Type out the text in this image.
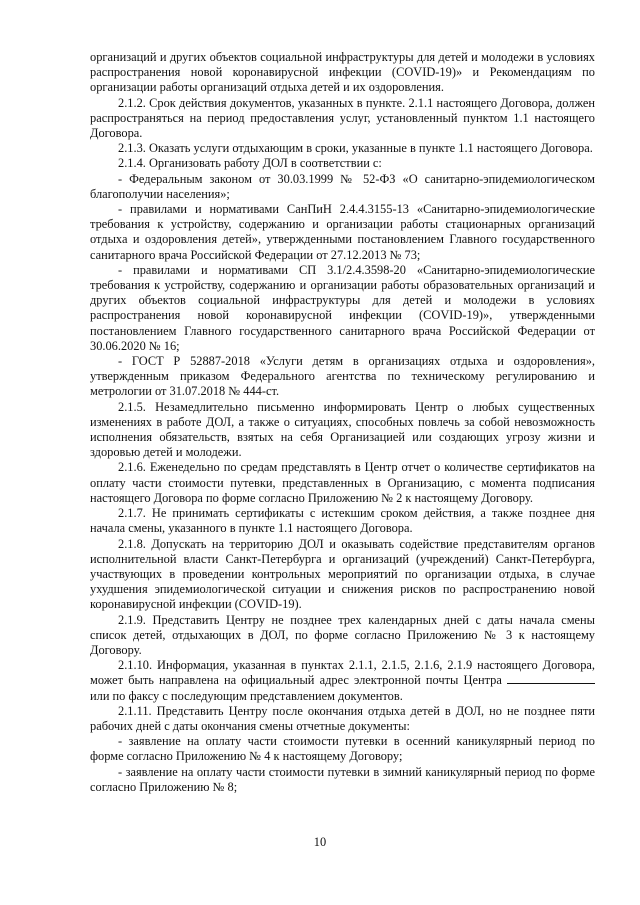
организаций и других объектов социальной инфраструктуры для детей и молодежи в условиях распространения новой коронавирусной инфекции (COVID-19)» и Рекомендациям по организации работы организаций отдыха детей и их оздоровления.

2.1.2. Срок действия документов, указанных в пункте. 2.1.1 настоящего Договора, должен распространяться на период предоставления услуг, установленный пунктом 1.1 настоящего Договора.

2.1.3. Оказать услуги отдыхающим в сроки, указанные в пункте 1.1 настоящего Договора.

2.1.4. Организовать работу ДОЛ в соответствии с:

- Федеральным законом от 30.03.1999 № 52-ФЗ «О санитарно-эпидемиологическом благополучии населения»;

- правилами и нормативами СанПиН 2.4.4.3155-13 «Санитарно-эпидемиологические требования к устройству, содержанию и организации работы стационарных организаций отдыха и оздоровления детей», утвержденными постановлением Главного государственного санитарного врача Российской Федерации от 27.12.2013 № 73;

- правилами и нормативами СП 3.1/2.4.3598-20 «Санитарно-эпидемиологические требования к устройству, содержанию и организации работы образовательных организаций и других объектов социальной инфраструктуры для детей и молодежи в условиях распространения новой коронавирусной инфекции (COVID-19)», утвержденными постановлением Главного государственного санитарного врача Российской Федерации от 30.06.2020 № 16;

- ГОСТ Р 52887-2018 «Услуги детям в организациях отдыха и оздоровления», утвержденным приказом Федерального агентства по техническому регулированию и метрологии от 31.07.2018 № 444-ст.

2.1.5. Незамедлительно письменно информировать Центр о любых существенных изменениях в работе ДОЛ, а также о ситуациях, способных повлечь за собой невозможность исполнения обязательств, взятых на себя Организацией или создающих угрозу жизни и здоровью детей и молодежи.

2.1.6. Еженедельно по средам представлять в Центр отчет о количестве сертификатов на оплату части стоимости путевки, представленных в Организацию, с момента подписания настоящего Договора по форме согласно Приложению № 2 к настоящему Договору.

2.1.7. Не принимать сертификаты с истекшим сроком действия, а также позднее дня начала смены, указанного в пункте 1.1 настоящего Договора.

2.1.8. Допускать на территорию ДОЛ и оказывать содействие представителям органов исполнительной власти Санкт-Петербурга и организаций (учреждений) Санкт-Петербурга, участвующих в проведении контрольных мероприятий по организации отдыха, в случае ухудшения эпидемиологической ситуации и снижения рисков по распространению новой коронавирусной инфекции (COVID-19).

2.1.9. Представить Центру не позднее трех календарных дней с даты начала смены список детей, отдыхающих в ДОЛ, по форме согласно Приложению № 3 к настоящему Договору.

2.1.10. Информация, указанная в пунктах 2.1.1, 2.1.5, 2.1.6, 2.1.9 настоящего Договора, может быть направлена на официальный адрес электронной почты Центра  или по факсу с последующим представлением документов.

2.1.11. Представить Центру после окончания отдыха детей в ДОЛ, но не позднее пяти рабочих дней с даты окончания смены отчетные документы:

- заявление на оплату части стоимости путевки в осенний каникулярный период по форме согласно Приложению № 4 к настоящему Договору;

- заявление на оплату части стоимости путевки в зимний каникулярный период по форме согласно Приложению № 8;

10
